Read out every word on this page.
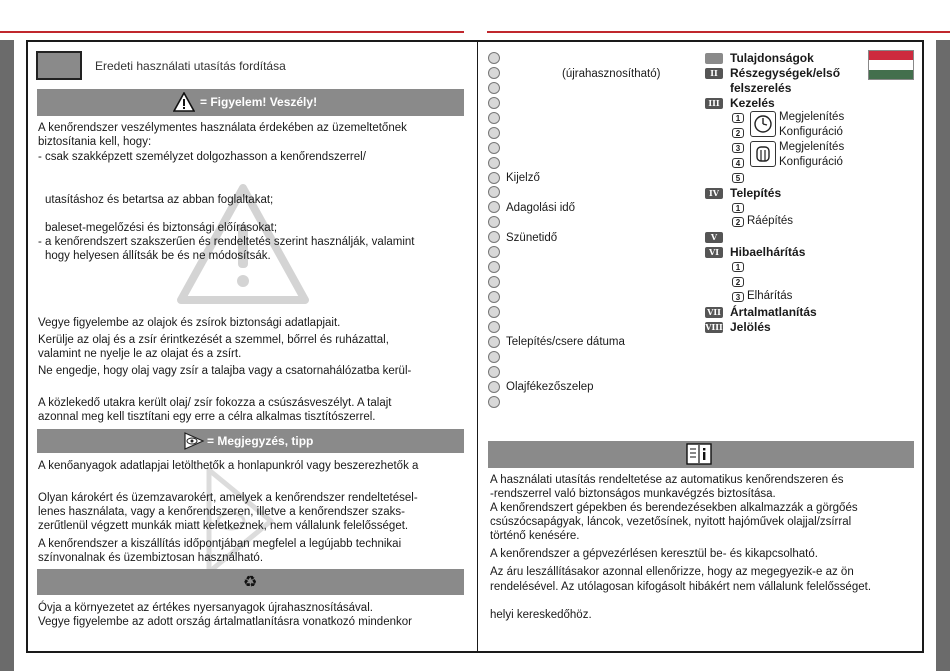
Eredeti használati utasítás fordítása
= Figyelem! Veszély!
A kenőrendszer veszélymentes használata érdekében az üzemeltetőnek
biztosítania kell, hogy:
- csak szakképzett személyzet dolgozhasson a kenőrendszerrel/
utasításhoz és betartsa az abban foglaltakat;
baleset-megelőzési és biztonsági előírásokat;
- a kenőrendszert szakszerűen és rendeltetés szerint használják, valamint
hogy helyesen állítsák be és ne módosítsák.
Vegye figyelembe az olajok és zsírok biztonsági adatlapjait.
Kerülje az olaj és a zsír érintkezését a szemmel, bőrrel és ruházattal,
valamint ne nyelje le az olajat és a zsírt.
Ne engedje, hogy olaj vagy zsír a talajba vagy a csatornahálózatba kerül-
A közlekedő utakra került olaj/ zsír fokozza a csúszásveszélyt. A talajt
azonnal meg kell tisztítani egy erre a célra alkalmas tisztítószerrel.
= Megjegyzés, tipp
A kenőanyagok adatlapjai letölthetők a honlapunkról vagy beszerezhetők a
Olyan károkért és üzemzavarokért, amelyek a kenőrendszer rendeltetésel-
lenes használata, vagy a kenőrendszeren, illetve a kenőrendszer szaks-
zerűtlenül végzett munkák miatt keletkeznek, nem vállalunk felelősséget.
A kenőrendszer a kiszállítás időpontjában megfelel a legújabb technikai
színvonalnak és üzembiztosan használható.
♻
Óvja a környezetet az értékes nyersanyagok újrahasznosításával.
Vegye figyelembe az adott ország ártalmatlanításra vonatkozó mindenkor
(újrahasznosítható)
Kijelző
Adagolási idő
Szünetidő
Telepítés/csere dátuma
Olajfékezőszelep
Tulajdonságok
II	Részegységek/első
felszerelés
III Kezelés
1
2
3
4
5
Megjelenítés
Konfiguráció
Megjelenítés
Konfiguráció
IV Telepítés
1
2 Ráépítés
V
VI Hibaelhárítás
1
2
3 Elhárítás
VII Ártalmatlanítás
VIII Jelölés
A használati utasítás rendeltetése az automatikus kenőrendszeren és
-rendszerrel való biztonságos munkavégzés biztosítása.
A kenőrendszert gépekben és berendezésekben alkalmazzák a görgőés
csúszócsapágyak, láncok, vezetősínek, nyitott hajóművek olajjal/zsírral
történő kenésére.
A kenőrendszer a gépvezérlésen keresztül be- és kikapcsolható.
Az áru leszállításakor azonnal ellenőrizze, hogy az megegyezik-e az ön
rendelésével. Az utólagosan kifogásolt hibákért nem vállalunk felelősséget.
helyi kereskedőhöz.
